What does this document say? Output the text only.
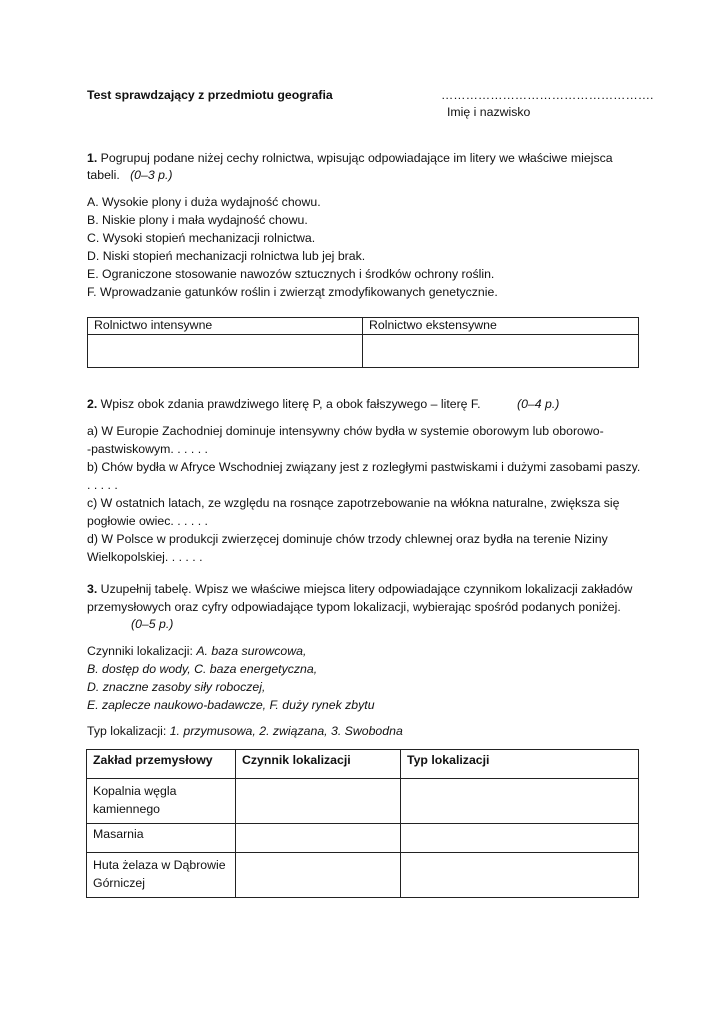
Test sprawdzający z przedmiotu geografia	…………………………………………….
Imię i nazwisko
1. Pogrupuj podane niżej cechy rolnictwa, wpisując odpowiadające im litery we właściwe miejsca
tabeli. (0–3 p.)
A. Wysokie plony i duża wydajność chowu.
B. Niskie plony i mała wydajność chowu.
C. Wysoki stopień mechanizacji rolnictwa.
D. Niski stopień mechanizacji rolnictwa lub jej brak.
E. Ograniczone stosowanie nawozów sztucznych i środków ochrony roślin.
F. Wprowadzanie gatunków roślin i zwierząt zmodyfikowanych genetycznie.
Rolnictwo intensywne	Rolnictwo ekstensywne

2. Wpisz obok zdania prawdziwego literę P, a obok fałszywego – literę F.	(0–4 p.)
a) W Europie Zachodniej dominuje intensywny chów bydła w systemie oborowym lub oborowo-
-pastwiskowym. . . . . .
b) Chów bydła w Afryce Wschodniej związany jest z rozległymi pastwiskami i dużymi zasobami paszy.
. . . . .
c) W ostatnich latach, ze względu na rosnące zapotrzebowanie na włókna naturalne, zwiększa się
pogłowie owiec. . . . . .
d) W Polsce w produkcji zwierzęcej dominuje chów trzody chlewnej oraz bydła na terenie Niziny
Wielkopolskiej. . . . . .
3. Uzupełnij tabelę. Wpisz we właściwe miejsca litery odpowiadające czynnikom lokalizacji zakładów
przemysłowych oraz cyfry odpowiadające typom lokalizacji, wybierając spośród podanych poniżej.
(0–5 p.)
Czynniki lokalizacji: A. baza surowcowa,
B. dostęp do wody, C. baza energetyczna,
D. znaczne zasoby siły roboczej,
E. zaplecze naukowo-badawcze, F. duży rynek zbytu
Typ lokalizacji: 1. przymusowa, 2. związana, 3. Swobodna
Zakład przemysłowy	Czynnik lokalizacji	Typ lokalizacji

Kopalnia węgla
kamiennego		

Masarnia		

Huta żelaza w Dąbrowie
Górniczej		
